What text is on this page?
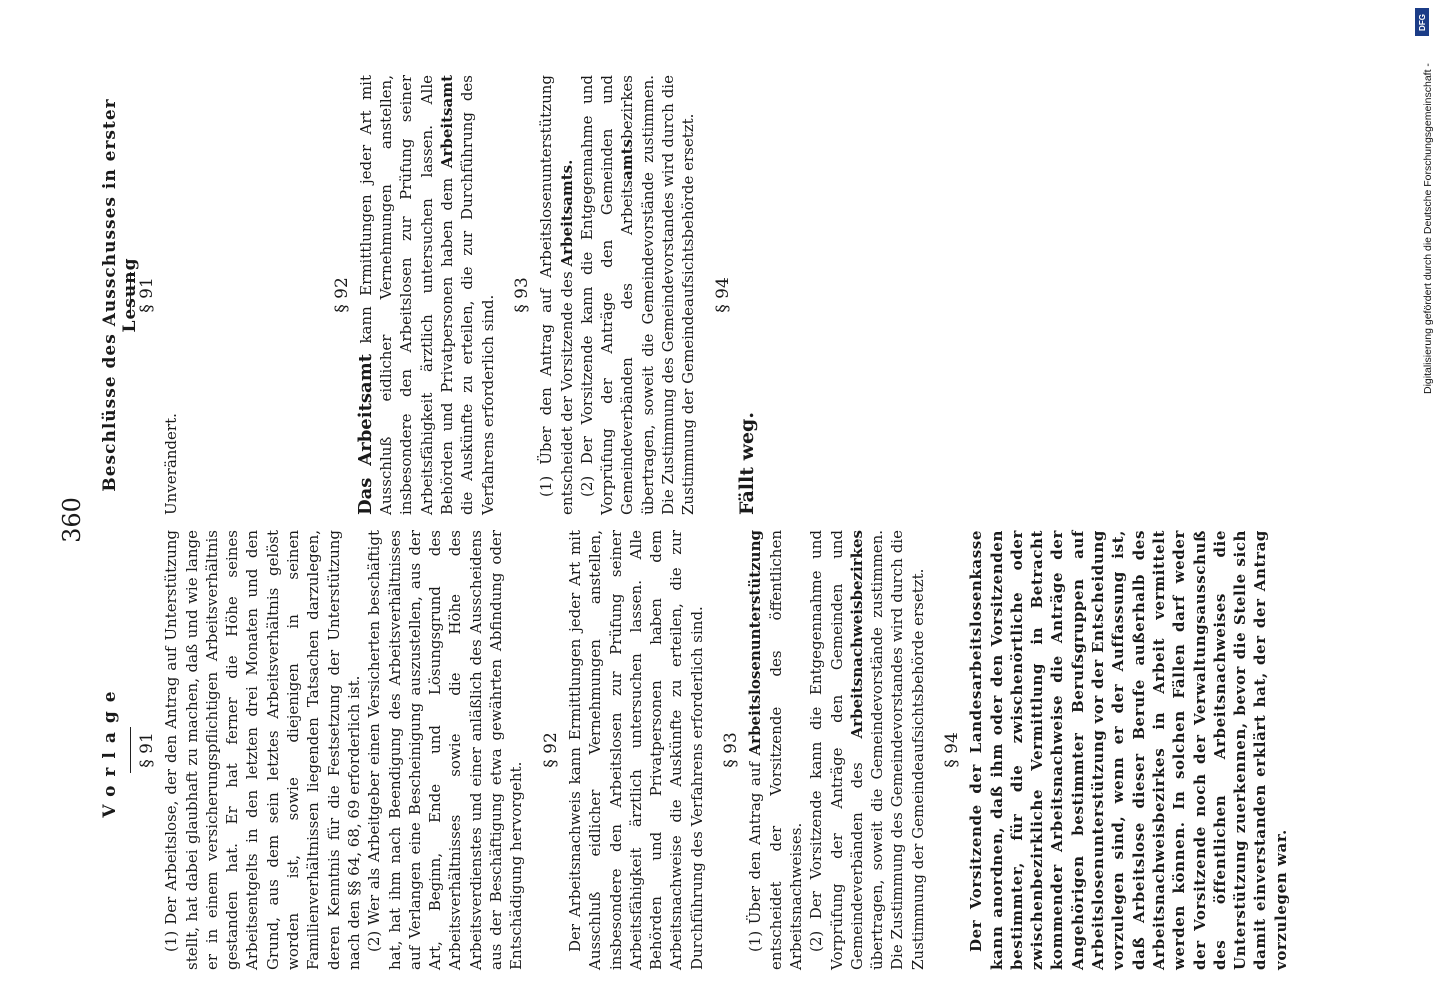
360
Vorlage § 91 (1) Der Arbeitslose, der den Antrag auf Unterstützung stellt, hat dabei glaubhaft zu machen, daß und wie lange er in einem versicherungspflichtigen Arbeitsverhältnis gestanden hat. Er hat ferner die Höhe seines Arbeitsentgelts in den letzten drei Monaten und den Grund, aus dem sein letztes Arbeitsverhältnis gelöst worden ist, sowie diejenigen in seinen Familienverhältnissen liegenden Tatsachen darzulegen, deren Kenntnis für die Festsetzung der Unterstützung nach den §§ 64, 68, 69 erforderlich ist. (2) Wer als Arbeitgeber einen Versicherten beschäftigt hat, hat ihm nach Beendigung des Arbeitsverhältnisses auf Verlangen eine Bescheinigung auszustellen, aus der Art, Beginn, Ende und Lösungsgrund des Arbeitsverhältnisses sowie die Höhe des Arbeitsverdienstes und einer anläßlich des Ausscheidens aus der Beschäftigung etwa gewährten Abfindung oder Entschädigung hervorgeht.

§ 92 Der Arbeitsnachweis kann Ermittlungen jeder Art mit Ausschluß eidlicher Vernehmungen anstellen, insbesondere den Arbeitslosen zur Prüfung seiner Arbeitsfähigkeit ärztlich untersuchen lassen. Alle Behörden und Privatpersonen haben dem Arbeitsnachweise die Auskünfte zu erteilen, die zur Durchführung des Verfahrens erforderlich sind. § 93

(1) Über den Antrag auf Arbeitslosenunterstützung entscheidet der Vorsitzende des öffentlichen Arbeitsnachweises. (2) Der Vorsitzende kann die Entgegennahme und Vorprüfung der Anträge den Gemeinden und Gemeindeverbänden des Arbeitsnachweisbezirkes übertragen, soweit die Gemeindevorstände zustimmen. Die Zustimmung des Gemeindevorstandes wird durch die Zustimmung der Gemeindeaufsichtsbehörde ersetzt. § 94 Der Vorsitzende der Landesarbeitslosenkasse kann anordnen, daß ihm oder den Vorsitzenden bestimmter, für die zwischenörtliche oder zwischenbezirkliche Vermittlung in Betracht kommender Arbeitsnachweise die Anträge der Angehörigen bestimmter Berufsgruppen auf Arbeitslosenunterstützung vor der Entscheidung vorzulegen sind, wenn er der Auffassung ist, daß Arbeitslose dieser Berufe außerhalb des Arbeitsnachweisbezirkes in Arbeit vermittelt werden können. In solchen Fällen darf weder der Vorsitzende noch der Verwaltungsausschuß des öffentlichen Arbeitsnachweises die Unterstützung zuerkennen, bevor die Stelle sich damit einverstanden erklärt hat, der der Antrag vorzulegen war.

Beschlüsse des Ausschusses in erster Lesung
§ 91

Unverändert.

§ 92

Das Arbeitsamt kann Ermittlungen jeder Art mit Ausschluß eidlicher Vernehmungen anstellen, insbesondere den Arbeitslosen zur Prüfung seiner Arbeitsfähigkeit ärztlich untersuchen lassen. Alle Behörden und Privatpersonen haben dem Arbeitsamt die Auskünfte zu erteilen, die zur Durchführung des Verfahrens erforderlich sind. § 93 (1) Über den Antrag auf Arbeitslosenunterstützung entscheidet der Vorsitzende des Arbeitsamts. (2) Der Vorsitzende kann die Entgegennahme und Vorprüfung der Anträge den Gemeinden und Gemeindeverbänden des Arbeitsamtsbezirkes übertragen, soweit die Gemeindevorstände zustimmen. Die Zustimmung des Gemeindevorstandes wird durch die Zustimmung der Gemeindeaufsichtsbehörde ersetzt. § 94
Fällt weg.
DFG
Digitalisierung gefördert durch die Deutsche Forschungsgemeinschaft -
